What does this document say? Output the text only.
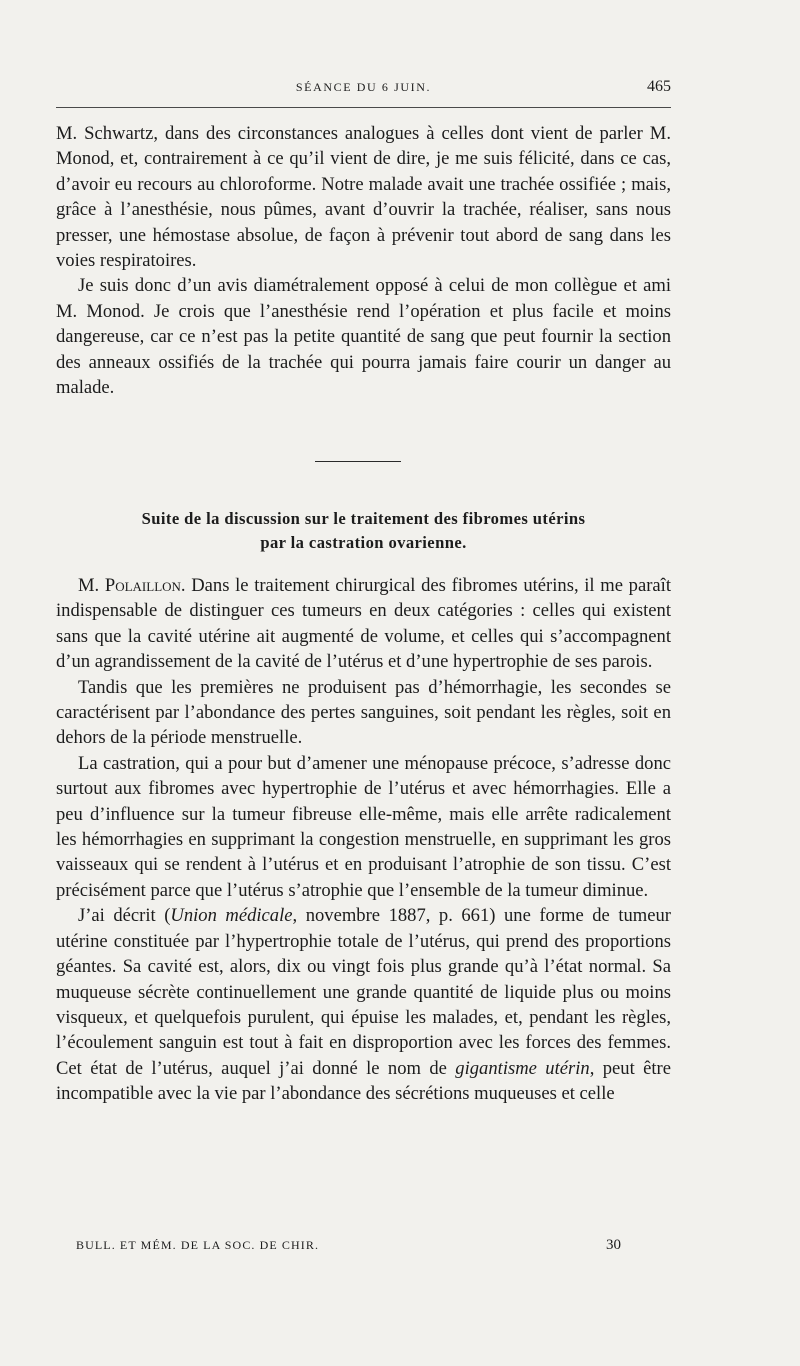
SÉANCE DU 6 JUIN.	465

M. Schwartz, dans des circonstances analogues à celles dont vient de parler M. Monod, et, contrairement à ce qu’il vient de dire, je me suis félicité, dans ce cas, d’avoir eu recours au chloroforme. Notre malade avait une trachée ossifiée ; mais, grâce à l’anesthésie, nous pûmes, avant d’ouvrir la trachée, réaliser, sans nous presser, une hémostase absolue, de façon à prévenir tout abord de sang dans les voies respiratoires.

Je suis donc d’un avis diamétralement opposé à celui de mon collègue et ami M. Monod. Je crois que l’anesthésie rend l’opération et plus facile et moins dangereuse, car ce n’est pas la petite quantité de sang que peut fournir la section des anneaux ossifiés de la trachée qui pourra jamais faire courir un danger au malade.

Suite de la discussion sur le traitement des fibromes utérins
par la castration ovarienne.

M. Polaillon. Dans le traitement chirurgical des fibromes utérins, il me paraît indispensable de distinguer ces tumeurs en deux catégories : celles qui existent sans que la cavité utérine ait augmenté de volume, et celles qui s’accompagnent d’un agrandissement de la cavité de l’utérus et d’une hypertrophie de ses parois.

Tandis que les premières ne produisent pas d’hémorrhagie, les secondes se caractérisent par l’abondance des pertes sanguines, soit pendant les règles, soit en dehors de la période menstruelle.

La castration, qui a pour but d’amener une ménopause précoce, s’adresse donc surtout aux fibromes avec hypertrophie de l’utérus et avec hémorrhagies. Elle a peu d’influence sur la tumeur fibreuse elle-même, mais elle arrête radicalement les hémorrhagies en supprimant la congestion menstruelle, en supprimant les gros vaisseaux qui se rendent à l’utérus et en produisant l’atrophie de son tissu. C’est précisément parce que l’utérus s’atrophie que l’ensemble de la tumeur diminue.

J’ai décrit (Union médicale, novembre 1887, p. 661) une forme de tumeur utérine constituée par l’hypertrophie totale de l’utérus, qui prend des proportions géantes. Sa cavité est, alors, dix ou vingt fois plus grande qu’à l’état normal. Sa muqueuse sécrète continuellement une grande quantité de liquide plus ou moins visqueux, et quelquefois purulent, qui épuise les malades, et, pendant les règles, l’écoulement sanguin est tout à fait en disproportion avec les forces des femmes. Cet état de l’utérus, auquel j’ai donné le nom de gigantisme utérin, peut être incompatible avec la vie par l’abondance des sécrétions muqueuses et celle

BULL. ET MÉM. DE LA SOC. DE CHIR.	30
